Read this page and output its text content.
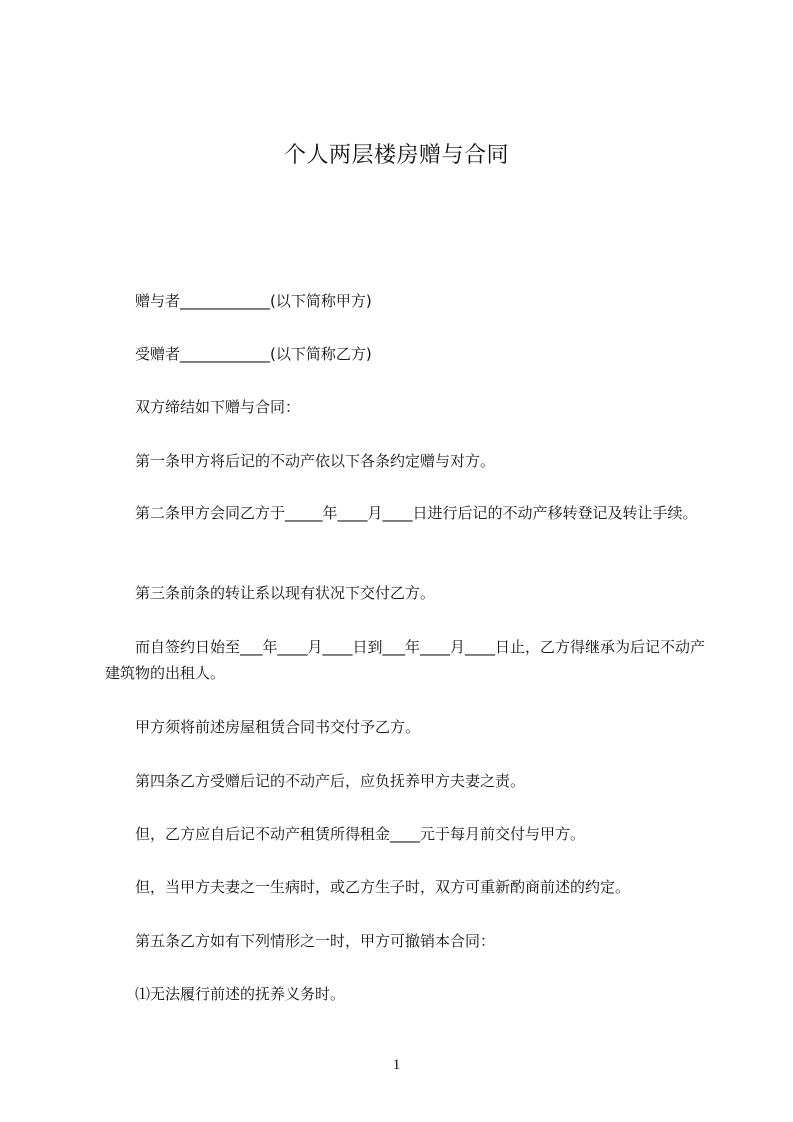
个人两层楼房赠与合同
赠与者____________(以下简称甲方)
受赠者____________(以下简称乙方)
双方缔结如下赠与合同：
第一条甲方将后记的不动产依以下各条约定赠与对方。
第二条甲方会同乙方于_____年____月____日进行后记的不动产移转登记及转让手续。
第三条前条的转让系以现有状况下交付乙方。
而自签约日始至___年____月____日到___年____月____日止，乙方得继承为后记不动产建筑物的出租人。
甲方须将前述房屋租赁合同书交付予乙方。
第四条乙方受赠后记的不动产后，应负抚养甲方夫妻之责。
但，乙方应自后记不动产租赁所得租金____元于每月前交付与甲方。
但，当甲方夫妻之一生病时，或乙方生子时，双方可重新酌商前述的约定。
第五条乙方如有下列情形之一时，甲方可撤销本合同：
⑴无法履行前述的抚养义务时。
1
